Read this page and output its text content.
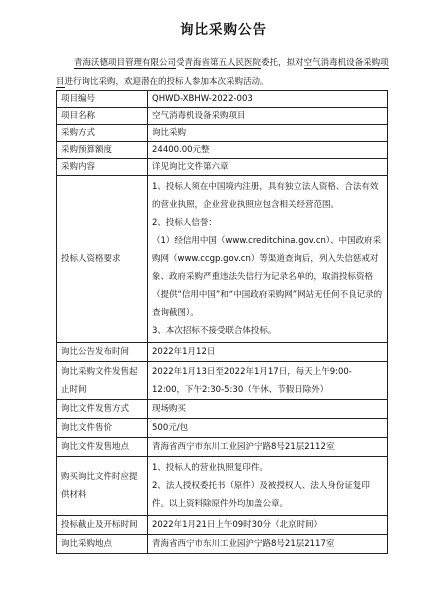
询比采购公告
青海沃德项目管理有限公司受青海省第五人民医院委托，拟对空气消毒机设备采购项目进行询比采购，欢迎潜在的投标人参加本次采购活动。
项目编号	QHWD-XBHW-2022-003
项目名称	空气消毒机设备采购项目
采购方式	询比采购
采购预算额度	24400.00元整
采购内容	详见询比文件第六章
投标人资格要求	1、投标人须在中国境内注册，具有独立法人资格、合法有效的营业执照，企业营业执照应包含相关经营范围。
2、投标人信誉：
（1）经信用中国（www.creditchina.gov.cn）、中国政府采购网（www.ccgp.gov.cn）等渠道查询后，列入失信惩戒对象、政府采购严重违法失信行为记录名单的，取消投标资格（提供“信用中国”和“中国政府采购网”网站无任何不良记录的查询截图）。
3、本次招标不接受联合体投标。

询比公告发布时间	2022年1月12日
询比采购文件发售起止时间	2022年1月13日至2022年1月17日，每天上午9:00-12:00，下午2:30-5:30（午休、节假日除外）
询比文件发售方式	现场购买
询比文件售价	500元/包
询比文件发售地点	青海省西宁市东川工业园沪宁路8号21层2112室
购买询比文件时应提供材料	1、投标人的营业执照复印件。
2、法人授权委托书（原件）及被授权人、法人身份证复印件。以上资料除原件外均加盖公章。

投标截止及开标时间	2022年1月21日上午09时30分（北京时间）
询比采购地点	青海省西宁市东川工业园沪宁路8号21层2117室
